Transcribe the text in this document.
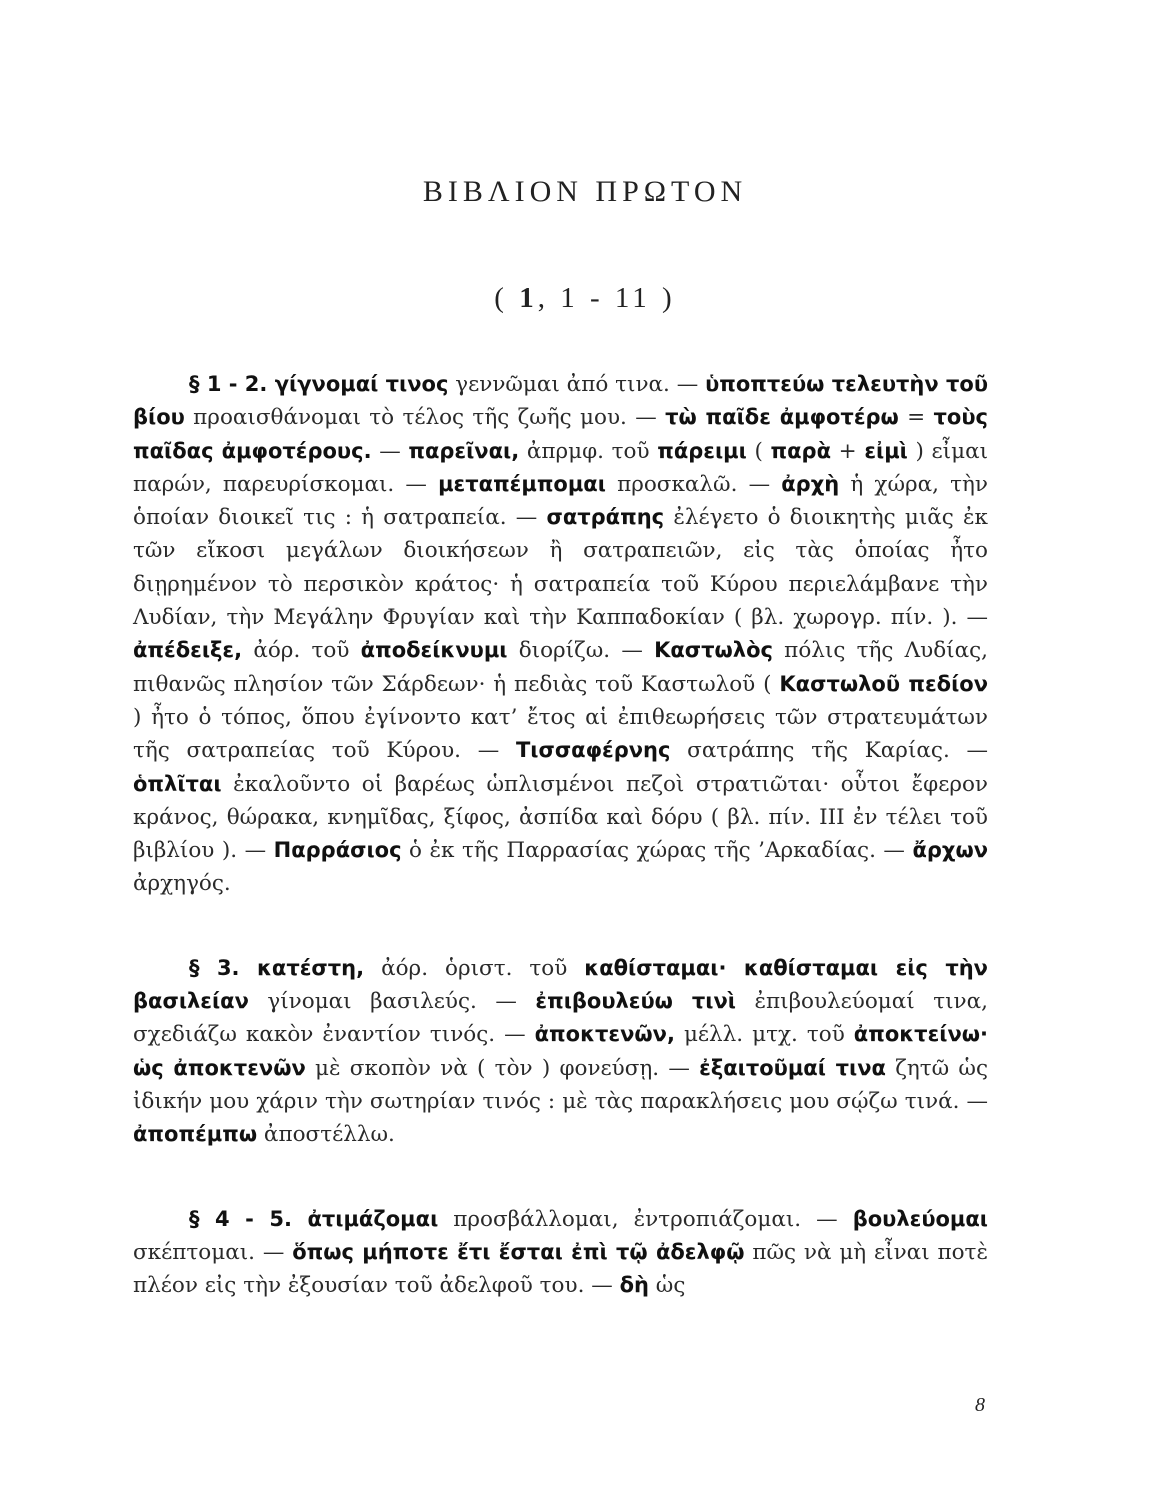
ΒΙΒΛΙΟΝ ΠΡΩΤΟΝ
( 1, 1 - 11 )

§ 1 - 2. γίγνομαί τινος γεννῶμαι ἀπό τινα. — ὑποπτεύω τελευτὴν τοῦ βίου προαισθάνομαι τὸ τέλος τῆς ζωῆς μου. — τὼ παῖδε ἀμφοτέρω = τοὺς παῖδας ἀμφοτέρους. — παρεῖναι, ἀπρμφ. τοῦ πάρειμι ( παρὰ + εἰμὶ ) εἶμαι παρών, παρευρίσκομαι. — μεταπέμπομαι προσκαλῶ. — ἀρχὴ ἡ χώρα, τὴν ὁποίαν διοικεῖ τις : ἡ σατραπεία. — σατράπης ἐλέγετο ὁ διοικητὴς μιᾶς ἐκ τῶν εἴκοσι μεγάλων διοικήσεων ἢ σατραπειῶν, εἰς τὰς ὁποίας ἦτο διῃρημένον τὸ περσικὸν κράτος· ἡ σατραπεία τοῦ Κύρου περιελάμβανε τὴν Λυδίαν, τὴν Μεγάλην Φρυγίαν καὶ τὴν Καππαδοκίαν ( βλ. χωρογρ. πίν. ). — ἀπέδειξε, ἀόρ. τοῦ ἀποδείκνυμι διορίζω. — Καστωλὸς πόλις τῆς Λυδίας, πιθανῶς πλησίον τῶν Σάρδεων· ἡ πεδιὰς τοῦ Καστωλοῦ ( Καστωλοῦ πεδίον ) ἦτο ὁ τόπος, ὅπου ἐγίνοντο κατ’ ἔτος αἱ ἐπιθεωρήσεις τῶν στρατευμάτων τῆς σατραπείας τοῦ Κύρου. — Τισσαφέρνης σατράπης τῆς Καρίας. — ὁπλῖται ἐκαλοῦντο οἱ βαρέως ὡπλισμένοι πεζοὶ στρατιῶται· οὗτοι ἔφερον κράνος, θώρακα, κνημῖδας, ξίφος, ἀσπίδα καὶ δόρυ ( βλ. πίν. III ἐν τέλει τοῦ βιβλίου ). — Παρράσιος ὁ ἐκ τῆς Παρρασίας χώρας τῆς ’Αρκαδίας. — ἄρχων ἀρχηγός.

§ 3. κατέστη, ἀόρ. ὁριστ. τοῦ καθίσταμαι· καθίσταμαι εἰς τὴν βασιλείαν γίνομαι βασιλεύς. — ἐπιβουλεύω τινὶ ἐπιβουλεύομαί τινα, σχεδιάζω κακὸν ἐναντίον τινός. — ἀποκτενῶν, μέλλ. μτχ. τοῦ ἀποκτείνω· ὡς ἀποκτενῶν μὲ σκοπὸν νὰ ( τὸν ) φονεύσῃ. — ἐξαιτοῦμαί τινα ζητῶ ὡς ἰδικήν μου χάριν τὴν σωτηρίαν τινός : μὲ τὰς παρακλήσεις μου σῴζω τινά. — ἀποπέμπω ἀποστέλλω.

§ 4 - 5. ἀτιμάζομαι προσβάλλομαι, ἐντροπιάζομαι. — βουλεύομαι σκέπτομαι. — ὅπως μήποτε ἔτι ἔσται ἐπὶ τῷ ἀδελφῷ πῶς νὰ μὴ εἶναι ποτὲ πλέον εἰς τὴν ἐξουσίαν τοῦ ἀδελφοῦ του. — δὴ ὡς

8
